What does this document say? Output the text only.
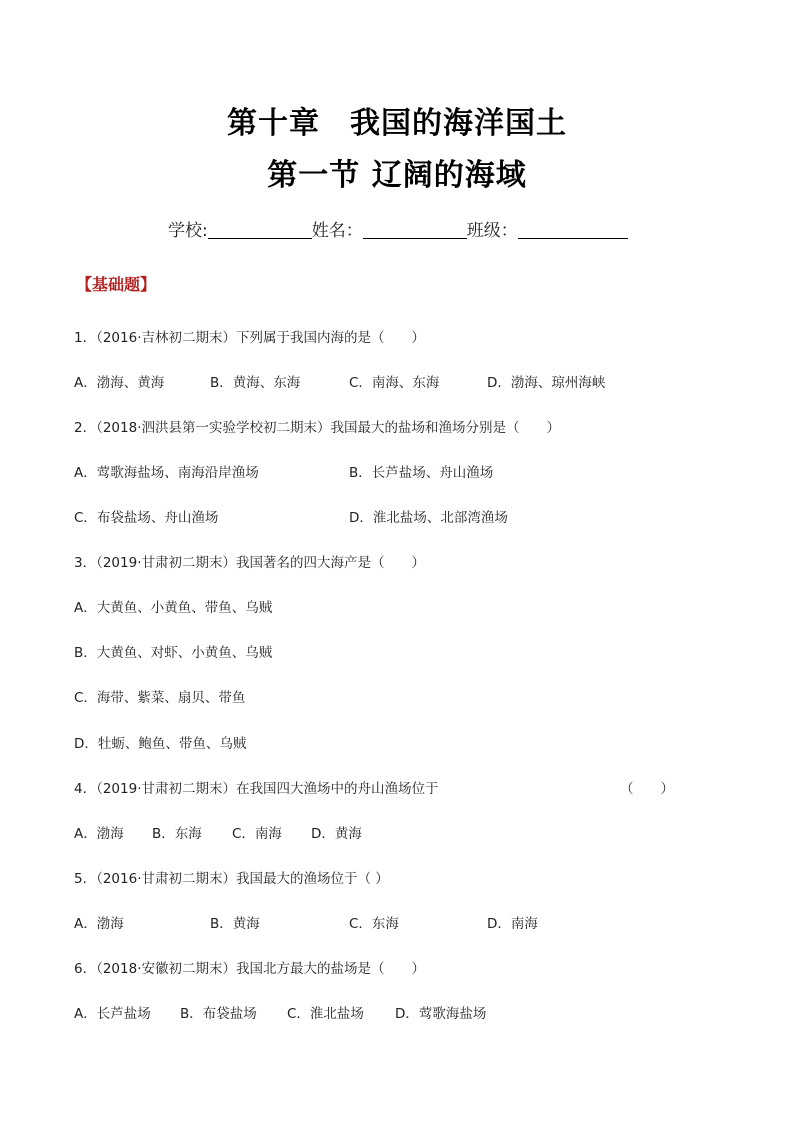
第十章 我国的海洋国土
第一节 辽阔的海域
学校:	姓名：	班级：
【基础题】
1．（2016·吉林初二期末）下列属于我国内海的是（　　）
A．渤海、黄海	B．黄海、东海	C．南海、东海	D．渤海、琼州海峡
2．（2018·泗洪县第一实验学校初二期末）我国最大的盐场和渔场分别是（　　）
A．莺歌海盐场、南海沿岸渔场	B．长芦盐场、舟山渔场
C．布袋盐场、舟山渔场	D．淮北盐场、北部湾渔场
3．（2019·甘肃初二期末）我国著名的四大海产是（　　）
A．大黄鱼、小黄鱼、带鱼、乌贼
B．大黄鱼、对虾、小黄鱼、乌贼
C．海带、紫菜、扇贝、带鱼
D．牡蛎、鲍鱼、带鱼、乌贼
4．（2019·甘肃初二期末）在我国四大渔场中的舟山渔场位于	（　　）
A．渤海 B．东海 C．南海 D．黄海
5．（2016·甘肃初二期末）我国最大的渔场位于（ ）
A．渤海	B．黄海	C．东海	D．南海
6．（2018·安徽初二期末）我国北方最大的盐场是（　　）
A．长芦盐场 B．布袋盐场 C．淮北盐场 D．莺歌海盐场
